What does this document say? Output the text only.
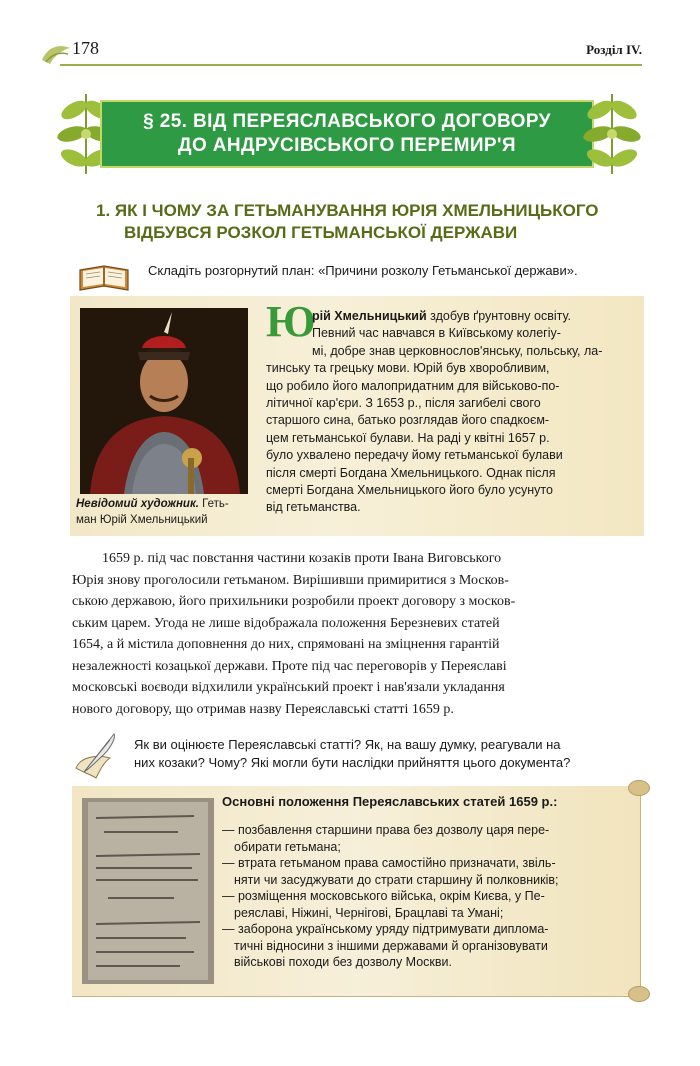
178	Розділ IV.
§ 25. ВІД ПЕРЕЯСЛАВСЬКОГО ДОГОВОРУ
ДО АНДРУСІВСЬКОГО ПЕРЕМИР'Я
1. ЯК І ЧОМУ ЗА ГЕТЬМАНУВАННЯ ЮРІЯ ХМЕЛЬНИЦЬКОГО
ВІДБУВСЯ РОЗКОЛ ГЕТЬМАНСЬКОЇ ДЕРЖАВИ
Складіть розгорнутий план: «Причини розколу Гетьманської держави».
Невідомий художник. Геть-
ман Юрій Хмельницький
Ю
рій Хмельницький здобув ґрунтовну освіту.
Певний час навчався в Київському колегіу-
мі, добре знав церковнослов'янську, польську, ла-
тинську та грецьку мови. Юрій був хворобливим,
що робило його малопридатним для військово-по-
літичної кар'єри. З 1653 р., після загибелі свого
старшого сина, батько розглядав його спадкоєм-
цем гетьманської булави. На раді у квітні 1657 р.
було ухвалено передачу йому гетьманської булави
після смерті Богдана Хмельницького. Однак після
смерті Богдана Хмельницького його було усунуто
від гетьманства.
1659 р. під час повстання частини козаків проти Івана Виговського
Юрія знову проголосили гетьманом. Вирішивши примиритися з Москов-
ською державою, його прихильники розробили проект договору з москов-
ським царем. Угода не лише відображала положення Березневих статей
1654, а й містила доповнення до них, спрямовані на зміцнення гарантій
незалежності козацької держави. Проте під час переговорів у Переяславі
московські воєводи відхилили український проект і нав'язали укладання
нового договору, що отримав назву Переяславські статті 1659 р.
Як ви оцінюєте Переяславські статті? Як, на вашу думку, реагували на
них козаки? Чому? Які могли бути наслідки прийняття цього документа?
Основні положення Переяславських статей 1659 р.:
— позбавлення старшини права без дозволу царя пере-
обирати гетьмана;
— втрата гетьманом права самостійно призначати, звіль-
няти чи засуджувати до страти старшину й полковників;
— розміщення московського війська, окрім Києва, у Пе-
реяславі, Ніжині, Чернігові, Брацлаві та Умані;
— заборона українському уряду підтримувати диплома-
тичні відносини з іншими державами й організовувати
військові походи без дозволу Москви.
